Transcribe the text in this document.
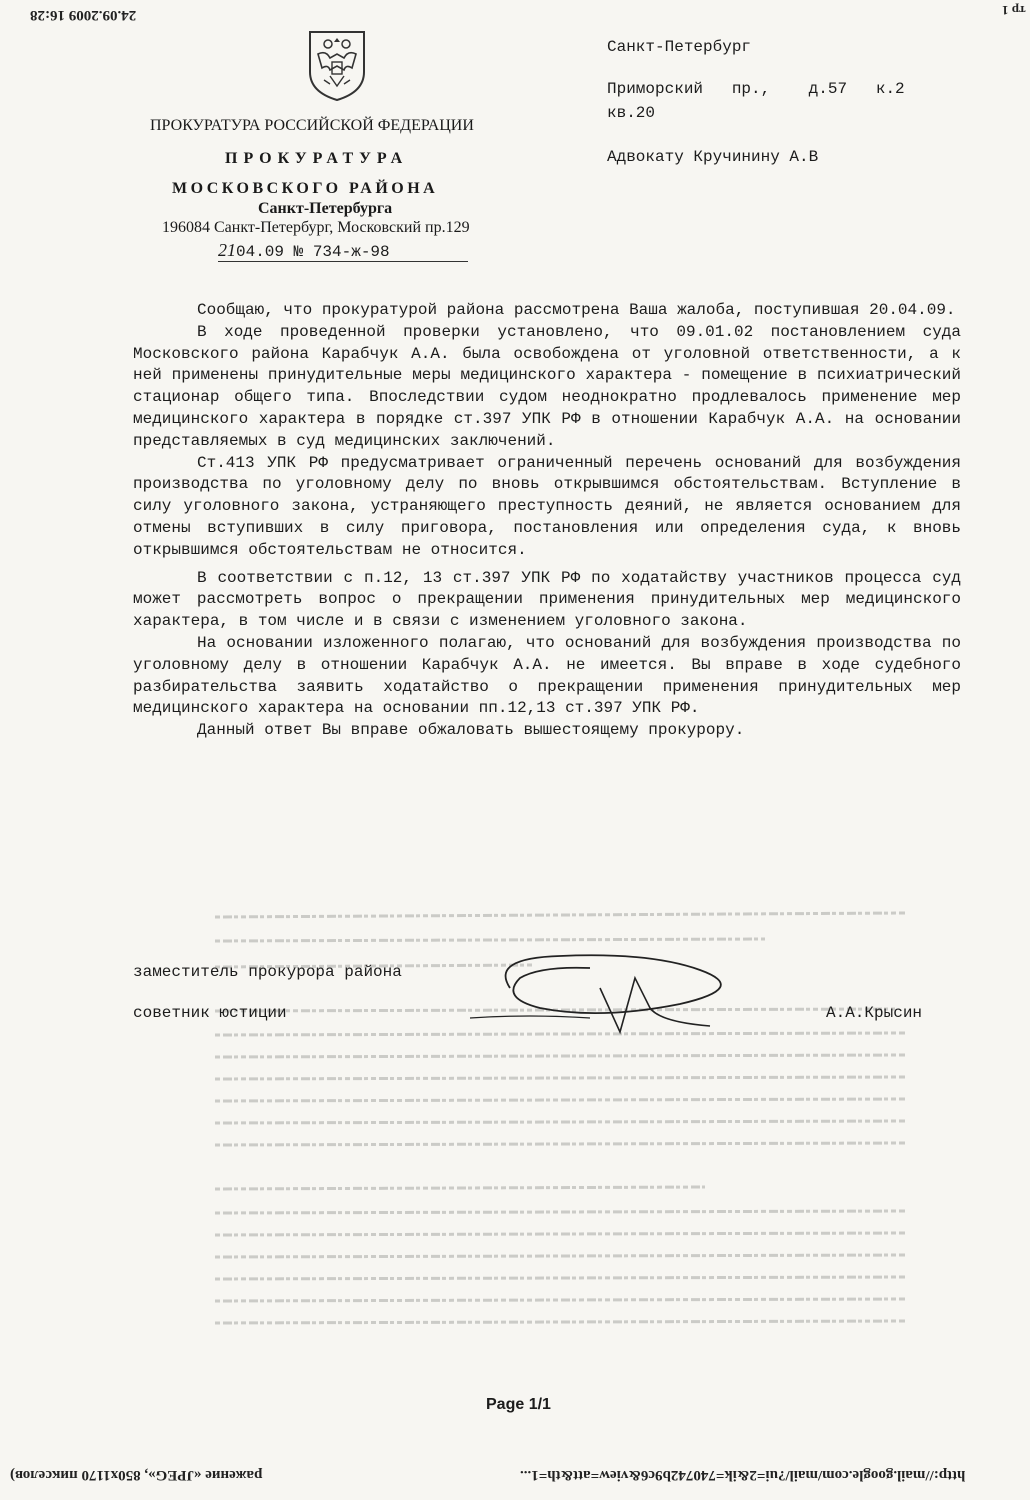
тр 1
24.09.2009 16:28
ПРОКУРАТУРА РОССИЙСКОЙ ФЕДЕРАЦИИ
ПРОКУРАТУРА
МОСКОВСКОГО РАЙОНА
Санкт-Петербурга
196084 Санкт-Петербург, Московский пр.129
2104.09 № 734-ж-98
Санкт-Петербург
Приморский   пр.,    д.57   к.2
кв.20
Адвокату Кручинину А.В

Сообщаю, что прокуратурой района рассмотрена Ваша жалоба, поступившая 20.04.09.

В ходе проведенной проверки установлено, что 09.01.02 постановлением суда Московского района Карабчук А.А. была освобождена от уголовной ответственности, а к ней применены принудительные меры медицинского характера - помещение в психиатрический стационар общего типа. Впоследствии судом неоднократно продлевалось применение мер медицинского характера в порядке ст.397 УПК РФ в отношении Карабчук А.А. на основании представляемых в суд медицинских заключений.

Ст.413 УПК РФ предусматривает ограниченный перечень оснований для возбуждения производства по уголовному делу по вновь открывшимся обстоятельствам. Вступление в силу уголовного закона, устраняющего преступность деяний, не является основанием для отмены вступивших в силу приговора, постановления или определения суда, к вновь открывшимся обстоятельствам не относится.

В соответствии с п.12, 13 ст.397 УПК РФ по ходатайству участников процесса суд может рассмотреть вопрос о прекращении применения принудительных мер медицинского характера, в том числе и в связи с изменением уголовного закона.

На основании изложенного полагаю, что оснований для возбуждения производства по уголовному делу в отношении Карабчук А.А. не имеется. Вы вправе в ходе судебного разбирательства заявить ходатайство о прекращении применения принудительных мер медицинского характера на основании пп.12,13 ст.397 УПК РФ.

Данный ответ Вы вправе обжаловать вышестоящему прокурору.

заместитель прокурора района
советник юстиции	А.А.Крысин
Page 1/1
ражение «JPEG», 850x1170 пикселов)	http://mail.google.com/mail/?ui=2&ik=740742b9c6&view=att&th=1...
